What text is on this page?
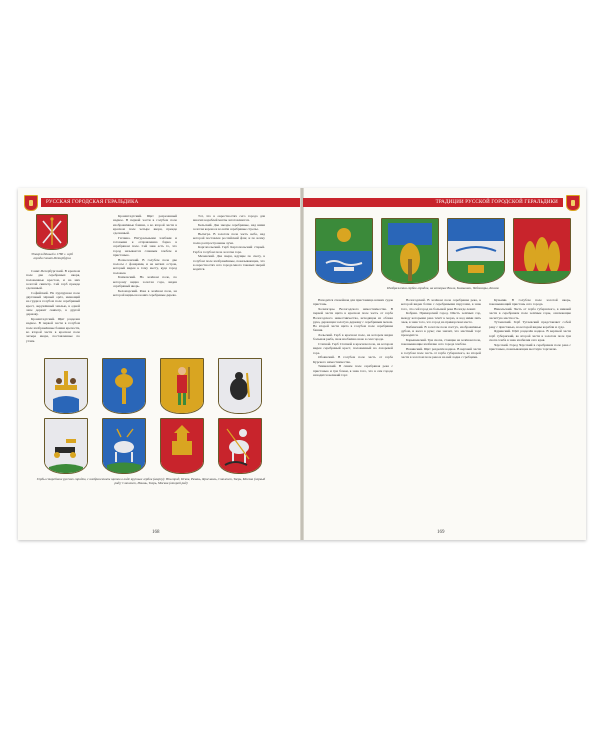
РУССКАЯ ГОРОДСКАЯ ГЕРАЛЬДИКА
Утверждённый в 1780 г. герб города Санкт-Петербурга

Санкт-Петербургский. В красном поле два серебряных якоря, положенные крестом, и на них золотой скипетр. Сей герб прежде сделанный.

Софийский. На пурпурном поле двуглавый чёрный орёл, имеющий на груди в голубом поле серебряный крест, окружённый эмалью, в одной лапе держит скипетр, в другой державу.

Кронштадтский. Щит разделен надвое. В первой части в голубом поле изображённые башни крепости, во второй части в красном поле четыре якоря, поставленные по углам.

Кронштадтский. Щит разрезанный надвое. В первой части в голубом поле изображённые башни, а во второй части в красном поле четыре якоря, прежде сделанный.

Гатчина. Натуральными хлебами и готовыми к отправлению барка в серебряном поле. Сей знак есть то, что город называется славным хлебом и пристанью.

Вознесенский. В голубом поле две полосы с фонарями, и на ветвях остров, который виден к тому месту, куда город положен.

Бахмачский. На зелёном поле, по которому видна золотая гора, виден серебряный якорь.

Беломорский. Река в зелёном поле, на которой видны на конях серебряные дерева.

Тот, что в окрестностях сего города для многих кораблей мачты заготовляются.

Бельский. Две звезды серебряные, над ними золотая корона и во всём серебряные стрелы.

Вытегра. В золотом поле часть неба, над которой поставлен российский флаг, и по всему полю распространены лучи.

Каргопольский. Герб Каргопольский старый. Герб в голубом поле золотая гора.

Мезенский. Два зверя, идущие по снегу, в голубом поле изображённые, показывающие, что в окрестностях сего города много таковых зверей водится.

Гербы старейших русских городов, с изображением щитов в виде крупных гербов (вверху): Новгород, Псков, Рязань, Ярославль, Смоленск, Тверь, Москва (первый ряд); Смоленск, Рязань, Тверь, Москва (второй ряд)
168
ТРАДИЦИИ РУССКОЙ ГОРОДСКОЙ ГЕРАЛЬДИКИ
Изображения гербов городов, на которых Волга, Камышин, Чебоксары, Козлов

Находится спокойная для пристанища всяких судов пристань.

Холмогоры. Вологодского наместничества. В первой части щита в красном поле часть от герба Вологодского наместничества, исходящая из облака рука, держащая золотую державу с серебряным мечом. Во второй части щита в голубом поле серебряная башня.

Лальский. Герб в красном поле, на котором видна большая рыба, знак изобилия оною в сем городе.

Степной. Герб Степной в красном поле, на котором виден серебряный крест, положенный на лазоревой горе.

Обоянский. В голубом поле часть от герба Курского наместничества.

Тимковский. В синем поле серебряная река с пристанью и три бочки, в знак того, что в сем городе находится великий торг.

Вологодский. В зелёном поле серебряная река, в которой виден ботик с серебряными парусами, в знак того, что сей город на большой реке Вологде лежит.

Кобрин. Приморский город. Шесть зелёных гор, между которыми река течёт к морю, и над ними пять чаек, в знак того, что город на приморском месте.

Хибинский. В золотом поле пастух, изображённые дубом, и жезл в руке; сие значит, что местный торг проводится.

Барышевский. Три снопа, стоящие на зелёном поле, показывающие изобилие сего города хлебом.

Новинский. Щит разделён надвое. В верхней части в голубом поле часть от герба губернского, во второй части в золотом поле река и на ней лодка с гребцами.

Кузьмин. В голубом поле золотой якорь, показывающий пристань сего города.

Никольский. Часть от герба губернского, в нижней части в серебряном поле зелёные горы, означающие лесистую местность.

Тутаевский. Герб Тутаевский представляет собой реку с пристанью, на которой видны корабли и суда.

Ядринский. Щит разделён надвое. В верхней части герб губернский, во второй части в золотом поле три снопа хлеба в знак изобилия сего края.

Чаусский. Город Чаусский в серебряном поле река с пристанью, показывающие местную торговлю.

169
